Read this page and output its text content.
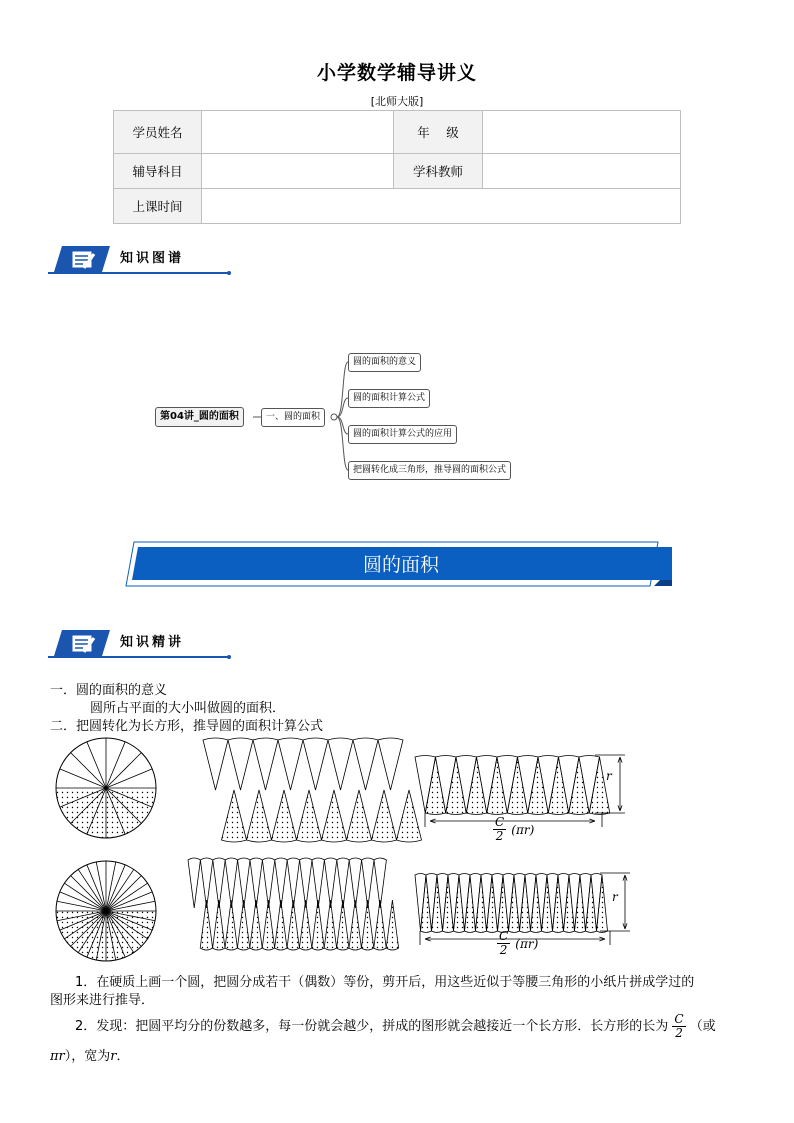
小学数学辅导讲义
[北师大版]
学员姓名		年　 级	
辅导科目		学科教师	
上课时间			
知识图谱
第04讲_圆的面积	一、圆的面积
圆的面积的意义
圆的面积计算公式
圆的面积计算公式的应用
把圆转化成三角形，推导圆的面积公式
圆的面积
知识精讲
一．圆的面积的意义
圆所占平面的大小叫做圆的面积．
二．把圆转化为长方形，推导圆的面积计算公式
r
$\frac{C}{2} (\pi r)$
r
$\frac{C}{2} (\pi r)$
1．在硬质上画一个圆，把圆分成若干（偶数）等份，剪开后，用这些近似于等腰三角形的小纸片拼成学过的
图形来进行推导．
2．发现：把圆平均分的份数越多，每一份就会越少，拼成的图形就会越接近一个长方形．长方形的长为 $\frac{C}{2}$ （或
πr），宽为r．
